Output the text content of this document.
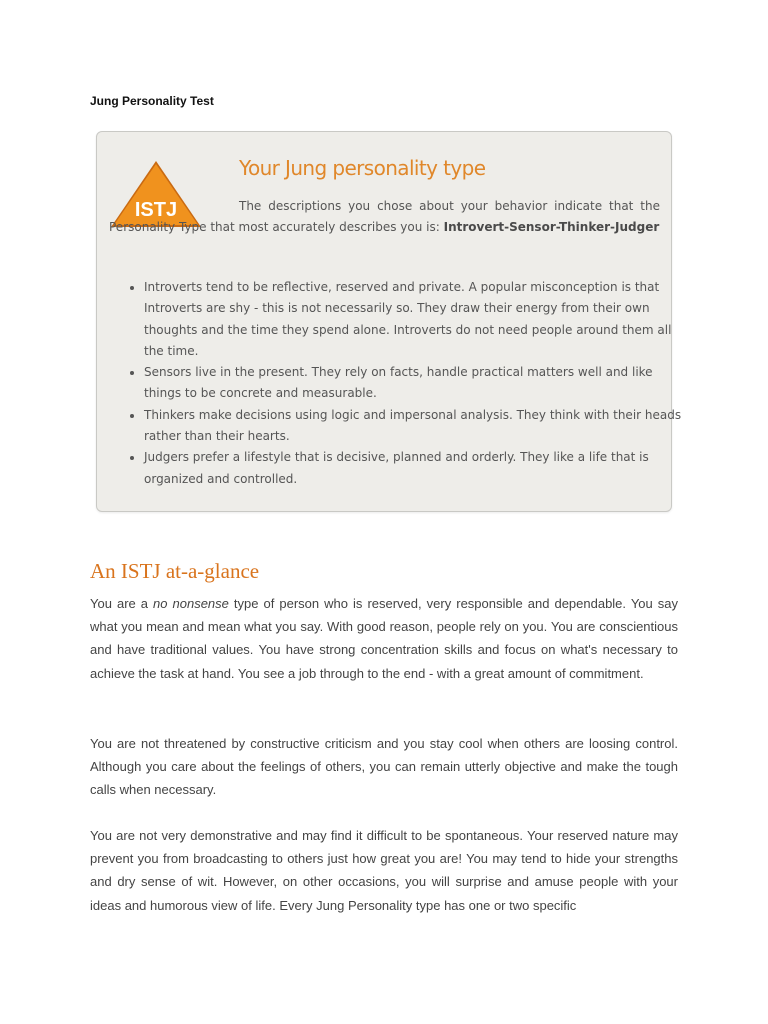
Jung Personality Test
ISTJ
Your Jung personality type

The descriptions you chose about your behavior indicate that the Personality Type that most accurately describes you is: Introvert-Sensor-Thinker-Judger

• Introverts tend to be reflective, reserved and private. A popular misconception is that Introverts are shy - this is not necessarily so. They draw their energy from their own thoughts and the time they spend alone. Introverts do not need people around them all the time.
• Sensors live in the present. They rely on facts, handle practical matters well and like things to be concrete and measurable.
• Thinkers make decisions using logic and impersonal analysis. They think with their heads rather than their hearts.
• Judgers prefer a lifestyle that is decisive, planned and orderly. They like a life that is organized and controlled.
An ISTJ at-a-glance

You are a no nonsense type of person who is reserved, very responsible and dependable. You say what you mean and mean what you say. With good reason, people rely on you. You are conscientious and have traditional values. You have strong concentration skills and focus on what's necessary to achieve the task at hand. You see a job through to the end - with a great amount of commitment.

You are not threatened by constructive criticism and you stay cool when others are loosing control. Although you care about the feelings of others, you can remain utterly objective and make the tough calls when necessary.

You are not very demonstrative and may find it difficult to be spontaneous. Your reserved nature may prevent you from broadcasting to others just how great you are! You may tend to hide your strengths and dry sense of wit. However, on other occasions, you will surprise and amuse people with your ideas and humorous view of life. Every Jung Personality type has one or two specific
